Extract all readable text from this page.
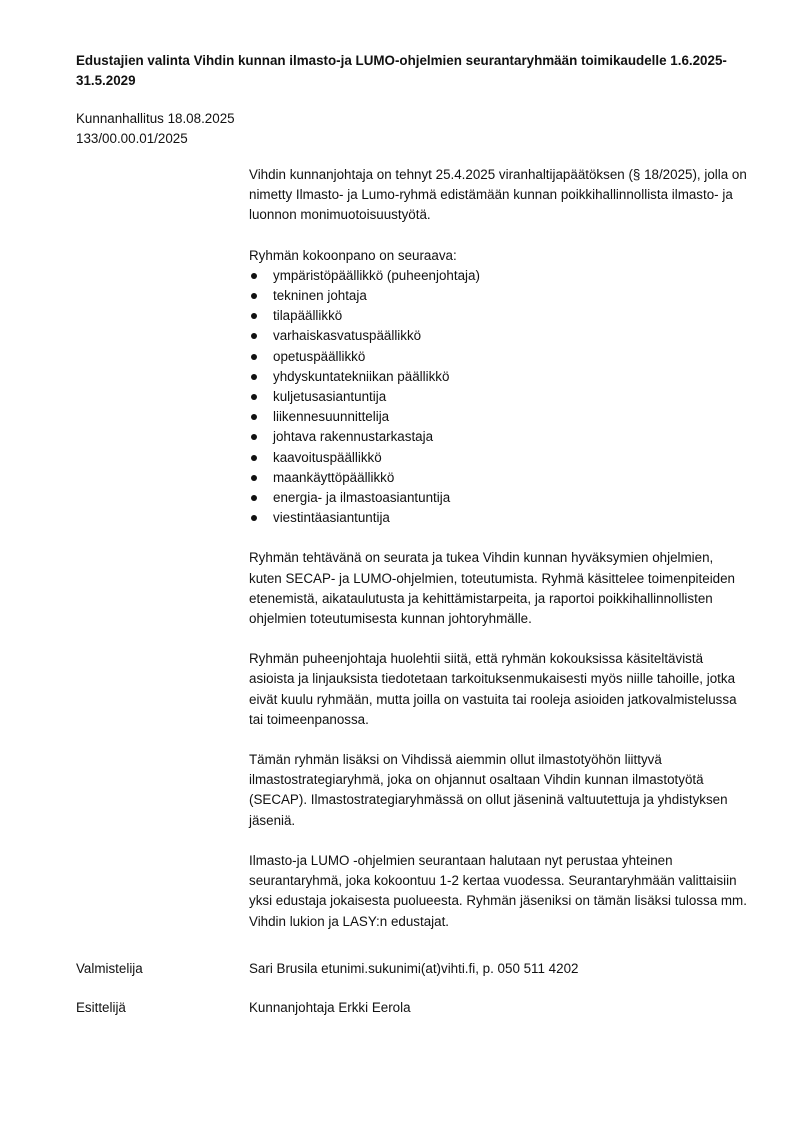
Edustajien valinta Vihdin kunnan ilmasto-ja LUMO-ohjelmien seurantaryhmään toimikaudelle 1.6.2025-31.5.2029
Kunnanhallitus 18.08.2025
133/00.00.01/2025

Vihdin kunnanjohtaja on tehnyt 25.4.2025 viranhaltijapäätöksen (§ 18/2025), jolla on nimetty Ilmasto- ja Lumo-ryhmä edistämään kunnan poikkihallinnollista ilmasto- ja luonnon monimuotoisuustyötä.

Ryhmän kokoonpano on seuraava:

ympäristöpäällikkö (puheenjohtaja)
tekninen johtaja
tilapäällikkö
varhaiskasvatuspäällikkö
opetuspäällikkö
yhdyskuntatekniikan päällikkö
kuljetusasiantuntija
liikennesuunnittelija
johtava rakennustarkastaja
kaavoituspäällikkö
maankäyttöpäällikkö
energia- ja ilmastoasiantuntija
viestintäasiantuntija

Ryhmän tehtävänä on seurata ja tukea Vihdin kunnan hyväksymien ohjelmien, kuten SECAP- ja LUMO-ohjelmien, toteutumista. Ryhmä käsittelee toimenpiteiden etenemistä, aikataulutusta ja kehittämistarpeita, ja raportoi poikkihallinnollisten ohjelmien toteutumisesta kunnan johtoryhmälle.

Ryhmän puheenjohtaja huolehtii siitä, että ryhmän kokouksissa käsiteltävistä asioista ja linjauksista tiedotetaan tarkoituksenmukaisesti myös niille tahoille, jotka eivät kuulu ryhmään, mutta joilla on vastuita tai rooleja asioiden jatkovalmistelussa tai toimeenpanossa.

Tämän ryhmän lisäksi on Vihdissä aiemmin ollut ilmastotyöhön liittyvä ilmastostrategiaryhmä, joka on ohjannut osaltaan Vihdin kunnan ilmastotyötä (SECAP). Ilmastostrategiaryhmässä on ollut jäseninä valtuutettuja ja yhdistyksen jäseniä.

Ilmasto-ja LUMO -ohjelmien seurantaan halutaan nyt perustaa yhteinen seurantaryhmä, joka kokoontuu 1-2 kertaa vuodessa. Seurantaryhmään valittaisiin yksi edustaja jokaisesta puolueesta. Ryhmän jäseniksi on tämän lisäksi tulossa mm. Vihdin lukion ja LASY:n edustajat.

Valmistelija	Sari Brusila etunimi.sukunimi(at)vihti.fi, p. 050 511 4202
Esittelijä	Kunnanjohtaja Erkki Eerola
